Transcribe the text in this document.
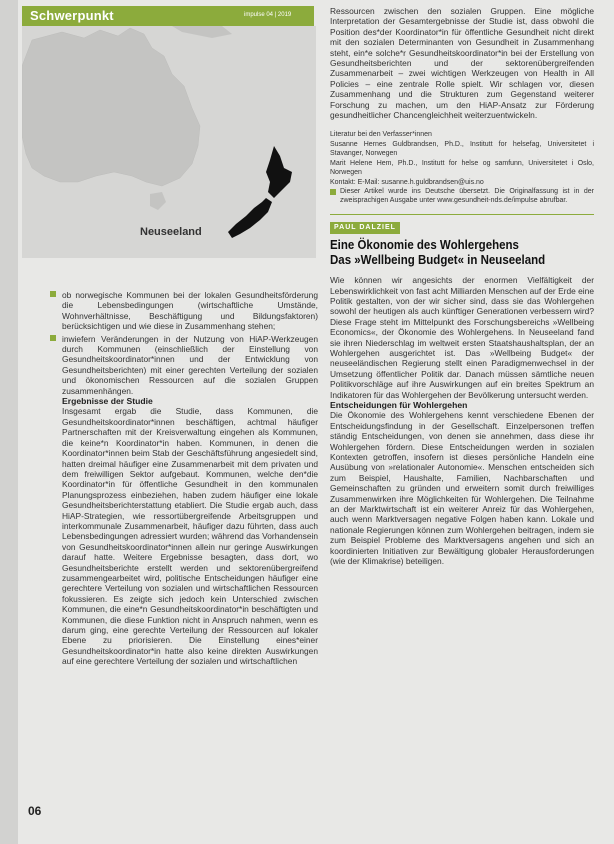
Schwerpunkt	impulse 04 | 2019
Neuseeland

ob norwegische Kommunen bei der lokalen Gesundheitsförderung die Lebensbedingungen (wirtschaftliche Umstände, Wohnverhältnisse, Beschäftigung und Bildungsfaktoren) berücksichtigen und wie diese in Zusammenhang stehen;

inwiefern Veränderungen in der Nutzung von HiAP-Werkzeugen durch Kommunen (einschließlich der Einstellung von Gesundheitskoordinator*innen und der Entwicklung von Gesundheitsberichten) mit einer gerechten Verteilung der sozialen und ökonomischen Ressourcen auf die sozialen Gruppen zusammenhängen.

Ergebnisse der Studie

Insgesamt ergab die Studie, dass Kommunen, die Gesundheitskoordinator*innen beschäftigen, achtmal häufiger Partnerschaften mit der Kreisverwaltung eingehen als Kommunen, die keine*n Koordinator*in haben. Kommunen, in denen die Koordinator*innen beim Stab der Geschäftsführung angesiedelt sind, hatten dreimal häufiger eine Zusammenarbeit mit dem privaten und dem freiwilligen Sektor aufgebaut. Kommunen, welche den*die Koordinator*in für öffentliche Gesundheit in den kommunalen Planungsprozess einbeziehen, haben zudem häufiger eine lokale Gesundheitsberichterstattung etabliert. Die Studie ergab auch, dass HiAP-Strategien, wie ressortübergreifende Arbeitsgruppen und interkommunale Zusammenarbeit, häufiger dazu führten, dass auch Lebensbedingungen adressiert wurden; während das Vorhandensein von Gesundheitskoordinator*innen allein nur geringe Auswirkungen darauf hatte. Weitere Ergebnisse besagten, dass dort, wo Gesundheitsberichte erstellt werden und sektorenübergreifend zusammengearbeitet wird, politische Entscheidungen häufiger eine gerechtere Verteilung von sozialen und wirtschaftlichen Ressourcen fokussieren. Es zeigte sich jedoch kein Unterschied zwischen Kommunen, die eine*n Gesundheitskoordinator*in beschäftigten und Kommunen, die diese Funktion nicht in Anspruch nahmen, wenn es darum ging, eine gerechte Verteilung der Ressourcen auf lokaler Ebene zu priorisieren. Die Einstellung eines*einer Gesundheitskoordinator*in hatte also keine direkten Auswirkungen auf eine gerechtere Verteilung der sozialen und wirtschaftlichen

Ressourcen zwischen den sozialen Gruppen. Eine mögliche Interpretation der Gesamtergebnisse der Studie ist, dass obwohl die Position des*der Koordinator*in für öffentliche Gesundheit nicht direkt mit den sozialen Determinanten von Gesundheit in Zusammenhang steht, ein*e solche*r Gesundheitskoordinator*in bei der Erstellung von Gesundheitsberichten und der sektorenübergreifenden Zusammenarbeit – zwei wichtigen Werkzeugen von Health in All Policies – eine zentrale Rolle spielt. Wir schlagen vor, diesen Zusammenhang und die Strukturen zum Gegenstand weiterer Forschung zu machen, um den HiAP-Ansatz zur Förderung gesundheitlicher Chancengleichheit weiterzuentwickeln.

Literatur bei den Verfasser*innen
Susanne Hernes Guldbrandsen, Ph.D., Institutt for helsefag, Universitetet i Stavanger, Norwegen
Marit Helene Hem, Ph.D., Institutt for helse og samfunn, Universitetet i Oslo, Norwegen
Kontakt: E-Mail: susanne.h.guldbrandsen@uis.no
Dieser Artikel wurde ins Deutsche übersetzt. Die Originalfassung ist in der zweisprachigen Ausgabe unter www.gesundheit-nds.de/impulse abrufbar.
PAUL DALZIEL
Eine Ökonomie des Wohlergehens
Das »Wellbeing Budget« in Neuseeland

Wie können wir angesichts der enormen Vielfältigkeit der Lebenswirklichkeit von fast acht Milliarden Menschen auf der Erde eine Politik gestalten, von der wir sicher sind, dass sie das Wohlergehen sowohl der heutigen als auch künftiger Generationen verbessern wird? Diese Frage steht im Mittelpunkt des Forschungsbereichs »Wellbeing Economics«, der Ökonomie des Wohlergehens. In Neuseeland fand sie ihren Niederschlag im weltweit ersten Staatshaushaltsplan, der an Wohlergehen ausgerichtet ist. Das »Wellbeing Budget« der neuseeländischen Regierung stellt einen Paradigmenwechsel in der Umsetzung öffentlicher Politik dar. Danach müssen sämtliche neuen Politikvorschläge auf ihre Auswirkungen auf ein breites Spektrum an Indikatoren für das Wohlergehen der Bevölkerung untersucht werden.

Entscheidungen für Wohlergehen

Die Ökonomie des Wohlergehens kennt verschiedene Ebenen der Entscheidungsfindung in der Gesellschaft. Einzelpersonen treffen ständig Entscheidungen, von denen sie annehmen, dass diese ihr Wohlergehen fördern. Diese Entscheidungen werden in sozialen Kontexten getroffen, insofern ist dieses persönliche Handeln eine Ausübung von »relationaler Autonomie«. Menschen entscheiden sich zum Beispiel, Haushalte, Familien, Nachbarschaften und Gemeinschaften zu gründen und erweitern somit durch freiwilliges Zusammenwirken ihre Möglichkeiten für Wohlergehen. Die Teilnahme an der Marktwirtschaft ist ein weiterer Anreiz für das Wohlergehen, auch wenn Marktversagen negative Folgen haben kann. Lokale und nationale Regierungen können zum Wohlergehen beitragen, indem sie zum Beispiel Probleme des Marktversagens angehen und sich an koordinierten Initiativen zur Bewältigung globaler Herausforderungen (wie der Klimakrise) beteiligen.

06
